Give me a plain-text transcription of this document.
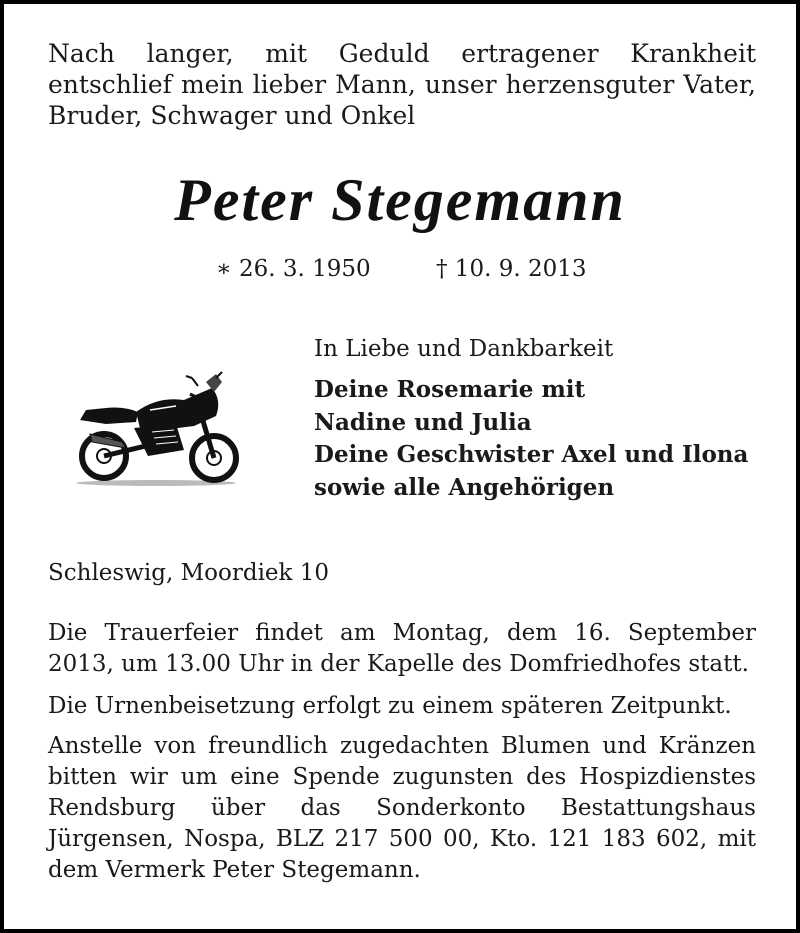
Nach langer, mit Geduld ertragener Krankheit entschlief mein lieber Mann, unser herzensguter Vater, Bruder, Schwager und Onkel
Peter Stegemann
∗ 26. 3. 1950	† 10. 9. 2013
In Liebe und Dankbarkeit
Deine Rosemarie mit
Nadine und Julia
Deine Geschwister Axel und Ilona
sowie alle Angehörigen
Schleswig, Moordiek 10
Die Trauerfeier findet am Montag, dem 16. September 2013, um 13.00 Uhr in der Kapelle des Domfriedhofes statt.
Die Urnenbeisetzung erfolgt zu einem späteren Zeitpunkt.
Anstelle von freundlich zugedachten Blumen und Kränzen bitten wir um eine Spende zugunsten des Hospizdienstes Rendsburg über das Sonderkonto Bestattungshaus Jürgensen, Nospa, BLZ 217 500 00, Kto. 121 183 602, mit dem Vermerk Peter Stegemann.
